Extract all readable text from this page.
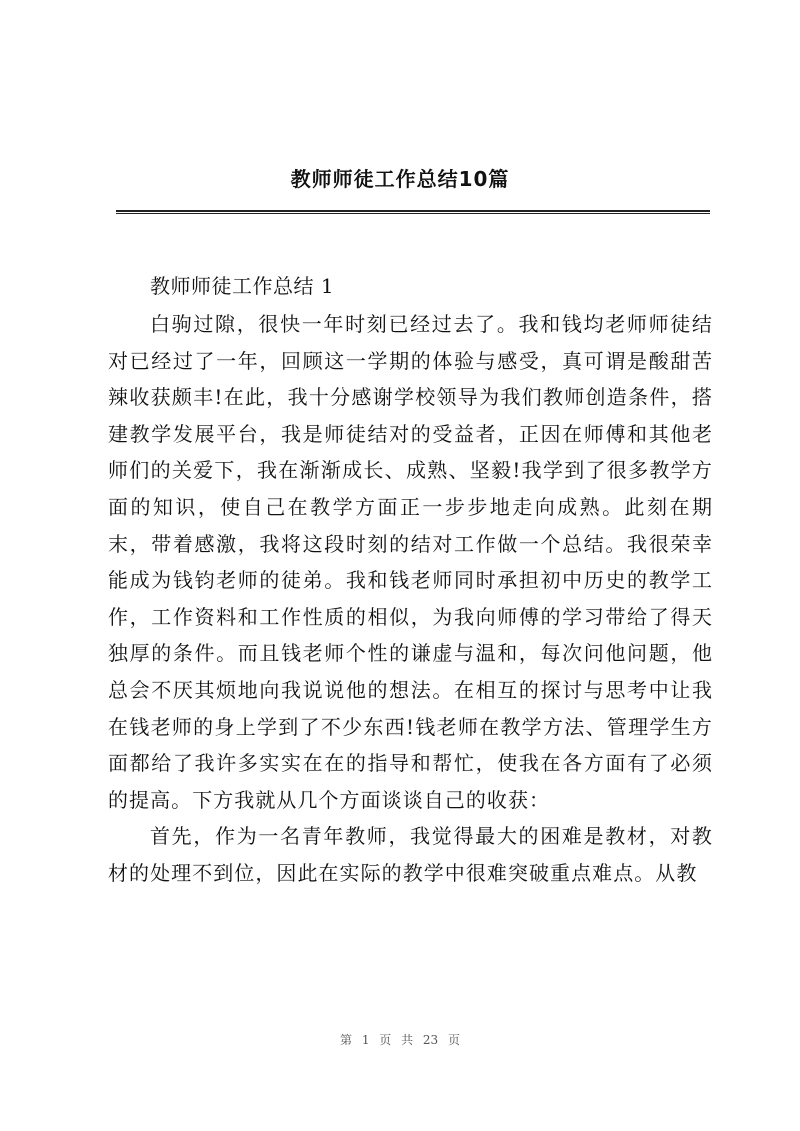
教师师徒工作总结10篇

教师师徒工作总结 1

白驹过隙，很快一年时刻已经过去了。我和钱均老师师徒结对已经过了一年，回顾这一学期的体验与感受，真可谓是酸甜苦辣收获颇丰!在此，我十分感谢学校领导为我们教师创造条件，搭建教学发展平台，我是师徒结对的受益者，正因在师傅和其他老师们的关爱下，我在渐渐成长、成熟、坚毅!我学到了很多教学方面的知识，使自己在教学方面正一步步地走向成熟。此刻在期末，带着感激，我将这段时刻的结对工作做一个总结。我很荣幸能成为钱钧老师的徒弟。我和钱老师同时承担初中历史的教学工作，工作资料和工作性质的相似，为我向师傅的学习带给了得天独厚的条件。而且钱老师个性的谦虚与温和，每次问他问题，他总会不厌其烦地向我说说他的想法。在相互的探讨与思考中让我在钱老师的身上学到了不少东西!钱老师在教学方法、管理学生方面都给了我许多实实在在的指导和帮忙，使我在各方面有了必须的提高。下方我就从几个方面谈谈自己的收获：

首先，作为一名青年教师，我觉得最大的困难是教材，对教材的处理不到位，因此在实际的教学中很难突破重点难点。从教

第 1 页 共 23 页
